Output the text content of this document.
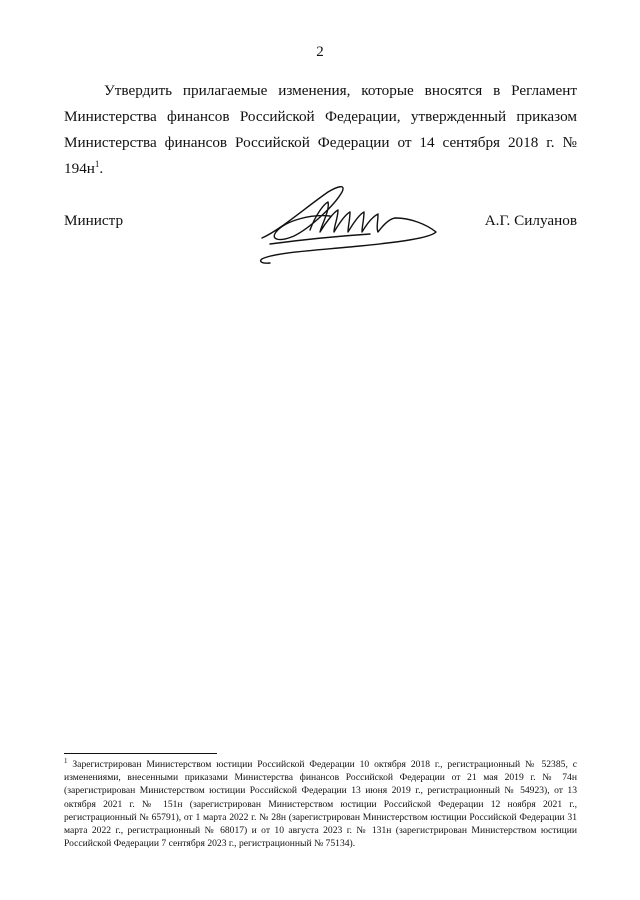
2

Утвердить прилагаемые изменения, которые вносятся в Регламент Министерства финансов Российской Федерации, утвержденный приказом Министерства финансов Российской Федерации от 14 сентября 2018 г. № $194н^1$.

Министр	А.Г. Силуанов

$^1$ Зарегистрирован Министерством юстиции Российской Федерации 10 октября 2018 г., регистрационный № 52385, с изменениями, внесенными приказами Министерства финансов Российской Федерации от 21 мая 2019 г. № 74н (зарегистрирован Министерством юстиции Российской Федерации 13 июня 2019 г., регистрационный № 54923), от 13 октября 2021 г. № 151н (зарегистрирован Министерством юстиции Российской Федерации 12 ноября 2021 г., регистрационный № 65791), от 1 марта 2022 г. № 28н (зарегистрирован Министерством юстиции Российской Федерации 31 марта 2022 г., регистрационный № 68017) и от 10 августа 2023 г. № 131н (зарегистрирован Министерством юстиции Российской Федерации 7 сентября 2023 г., регистрационный № 75134).
